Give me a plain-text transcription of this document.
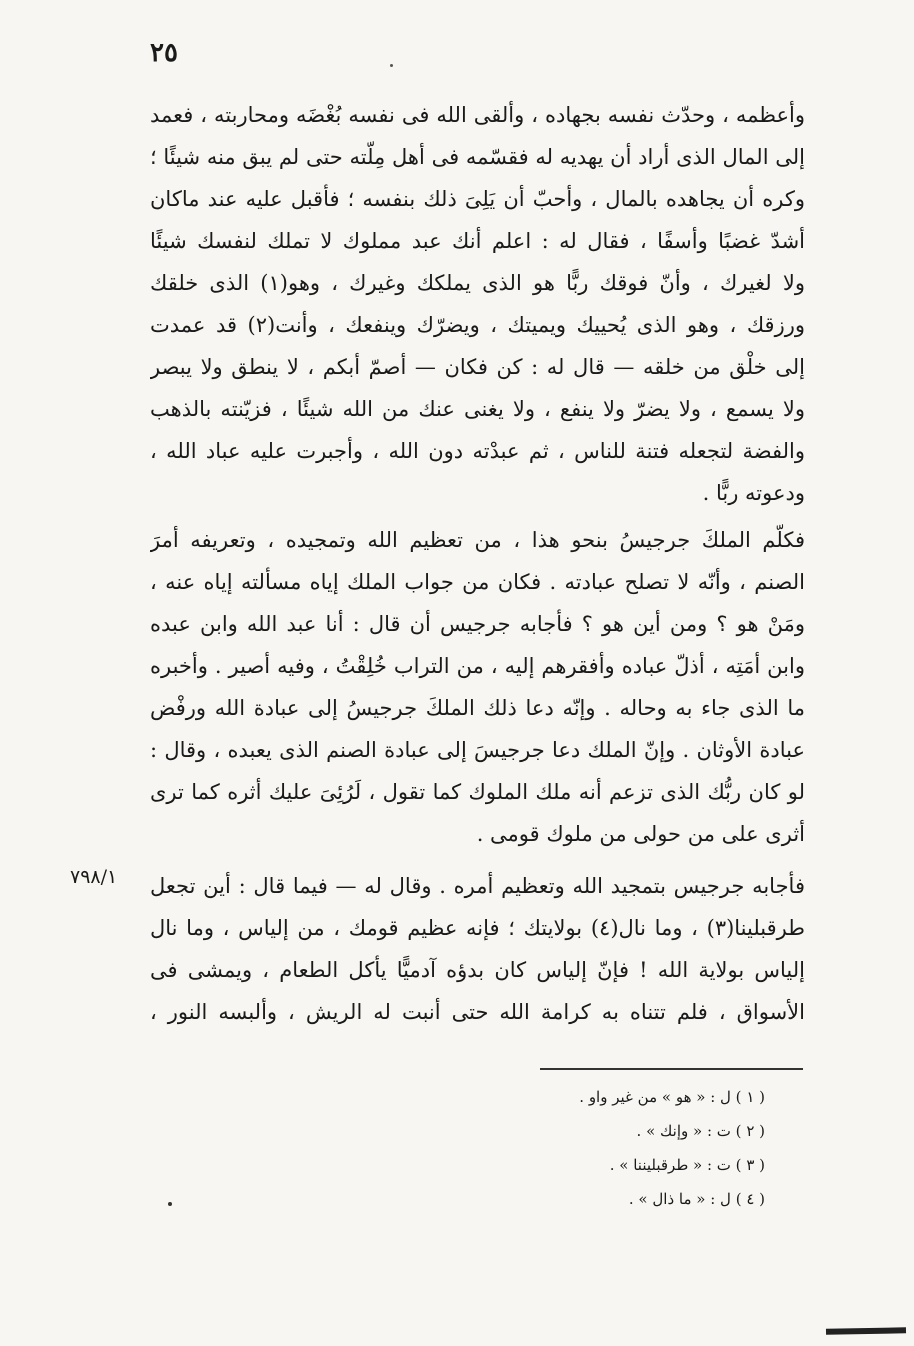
٢٥
وأعظمه ، وحدّث نفسه بجهاده ، وألقى الله فى نفسه بُغْضَه ومحاربته ، فعمد
إلى المال الذى أراد أن يهديه له فقسّمه فى أهل مِلّته حتى لم يبق منه شيئًا ؛
وكره أن يجاهده بالمال ، وأحبّ أن يَلِىَ ذلك بنفسه ؛ فأقبل عليه عند ماكان
أشدّ غضبًا وأسفًا ، فقال له : اعلم أنك عبد مملوك لا تملك لنفسك شيئًا
ولا لغيرك ، وأنّ فوقك ربًّا هو الذى يملكك وغيرك ، وهو(١) الذى خلقك
ورزقك ، وهو الذى يُحييك ويميتك ، ويضرّك وينفعك ، وأنت(٢) قد عمدت
إلى خلْق من خلقه — قال له : كن فكان — أصمّ أبكم ، لا ينطق ولا يبصر
ولا يسمع ، ولا يضرّ ولا ينفع ، ولا يغنى عنك من الله شيئًا ، فزيّنته بالذهب
والفضة لتجعله فتنة للناس ، ثم عبدْته دون الله ، وأجبرت عليه عباد الله ،
ودعوته ربًّا .
فكلّم الملكَ جرجيسُ بنحو هذا ، من تعظيم الله وتمجيده ، وتعريفه أمرَ
الصنم ، وأنّه لا تصلح عبادته . فكان من جواب الملك إياه مسألته إياه عنه ،
ومَنْ هو ؟ ومن أين هو ؟ فأجابه جرجيس أن قال : أنا عبد الله وابن عبده
وابن أمَتِه ، أذلّ عباده وأفقرهم إليه ، من التراب خُلِقْتُ ، وفيه أصير . وأخبره
ما الذى جاء به وحاله . وإنّه دعا ذلك الملكَ جرجيسُ إلى عبادة الله ورفْض
عبادة الأوثان . وإنّ الملك دعا جرجيسَ إلى عبادة الصنم الذى يعبده ، وقال :
لو كان ربُّك الذى تزعم أنه ملك الملوك كما تقول ، لَرُئِىَ عليك أثره كما ترى
أثرى على من حولى من ملوك قومى .
٧٩٨/١ فأجابه جرجيس بتمجيد الله وتعظيم أمره . وقال له — فيما قال : أين تجعل
طرقبلينا(٣) ، وما نال(٤) بولايتك ؛ فإنه عظيم قومك ، من إلياس ، وما نال
إلياس بولاية الله ! فإنّ إلياس كان بدؤه آدميًّا يأكل الطعام ، ويمشى فى
الأسواق ، فلم تتناه به كرامة الله حتى أنبت له الريش ، وألبسه النور ،
( ١ ) ل : « هو » من غير واو .
( ٢ ) ت : « وإنك » .
( ٣ ) ت : « طرقبليننا » .
( ٤ ) ل : « ما ذال » .
